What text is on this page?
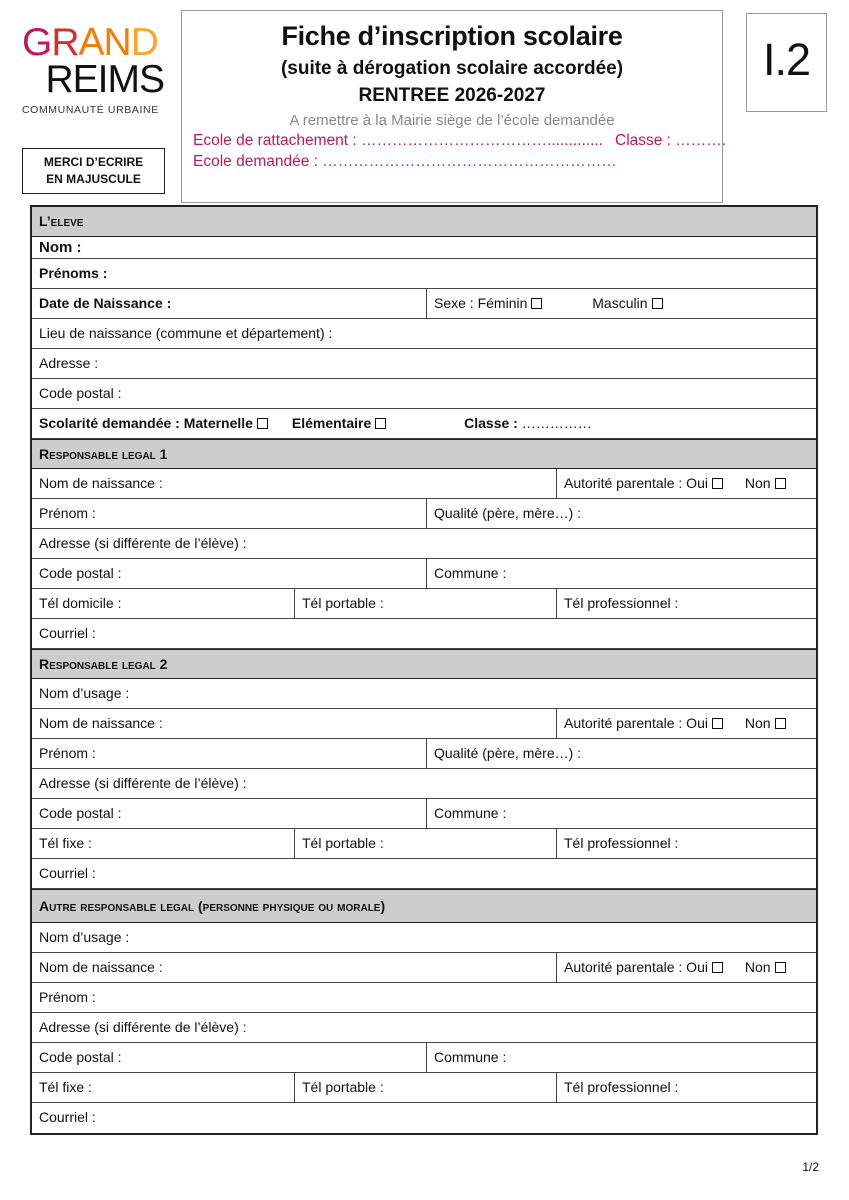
GRAND
REIMS
COMMUNAUTÉ URBAINE
MERCI D’ECRIRE
EN MAJUSCULE
Fiche d’inscription scolaire
(suite à dérogation scolaire accordée)
RENTREE 2026-2027
A remettre à la Mairie siège de l’école demandée
Ecole de rattachement : ………………………………............. Classe : ……….
Ecole demandée : …………………………………………………
I.2
L’eleve
Nom :
Prénoms :
Date de Naissance :	Sexe : Féminin	Masculin
Lieu de naissance (commune et département) :
Adresse :
Code postal :
Scolarité demandée : Maternelle	Elémentaire	Classe : ……………
Responsable legal 1
Nom de naissance :	Autorité parentale : Oui	Non
Prénom :	Qualité (père, mère…) :
Adresse (si différente de l’élève) :
Code postal :	Commune :
Tél domicile :	Tél portable :	Tél professionnel :
Courriel :
Responsable legal 2
Nom d’usage :
Nom de naissance :	Autorité parentale : Oui	Non
Prénom :	Qualité (père, mère…) :
Adresse (si différente de l’élève) :
Code postal :	Commune :
Tél fixe :	Tél portable :	Tél professionnel :
Courriel :
Autre responsable legal (personne physique ou morale)
Nom d’usage :
Nom de naissance :	Autorité parentale : Oui	Non
Prénom :
Adresse (si différente de l’élève) :
Code postal :	Commune :
Tél fixe :	Tél portable :	Tél professionnel :
Courriel :
1/2
